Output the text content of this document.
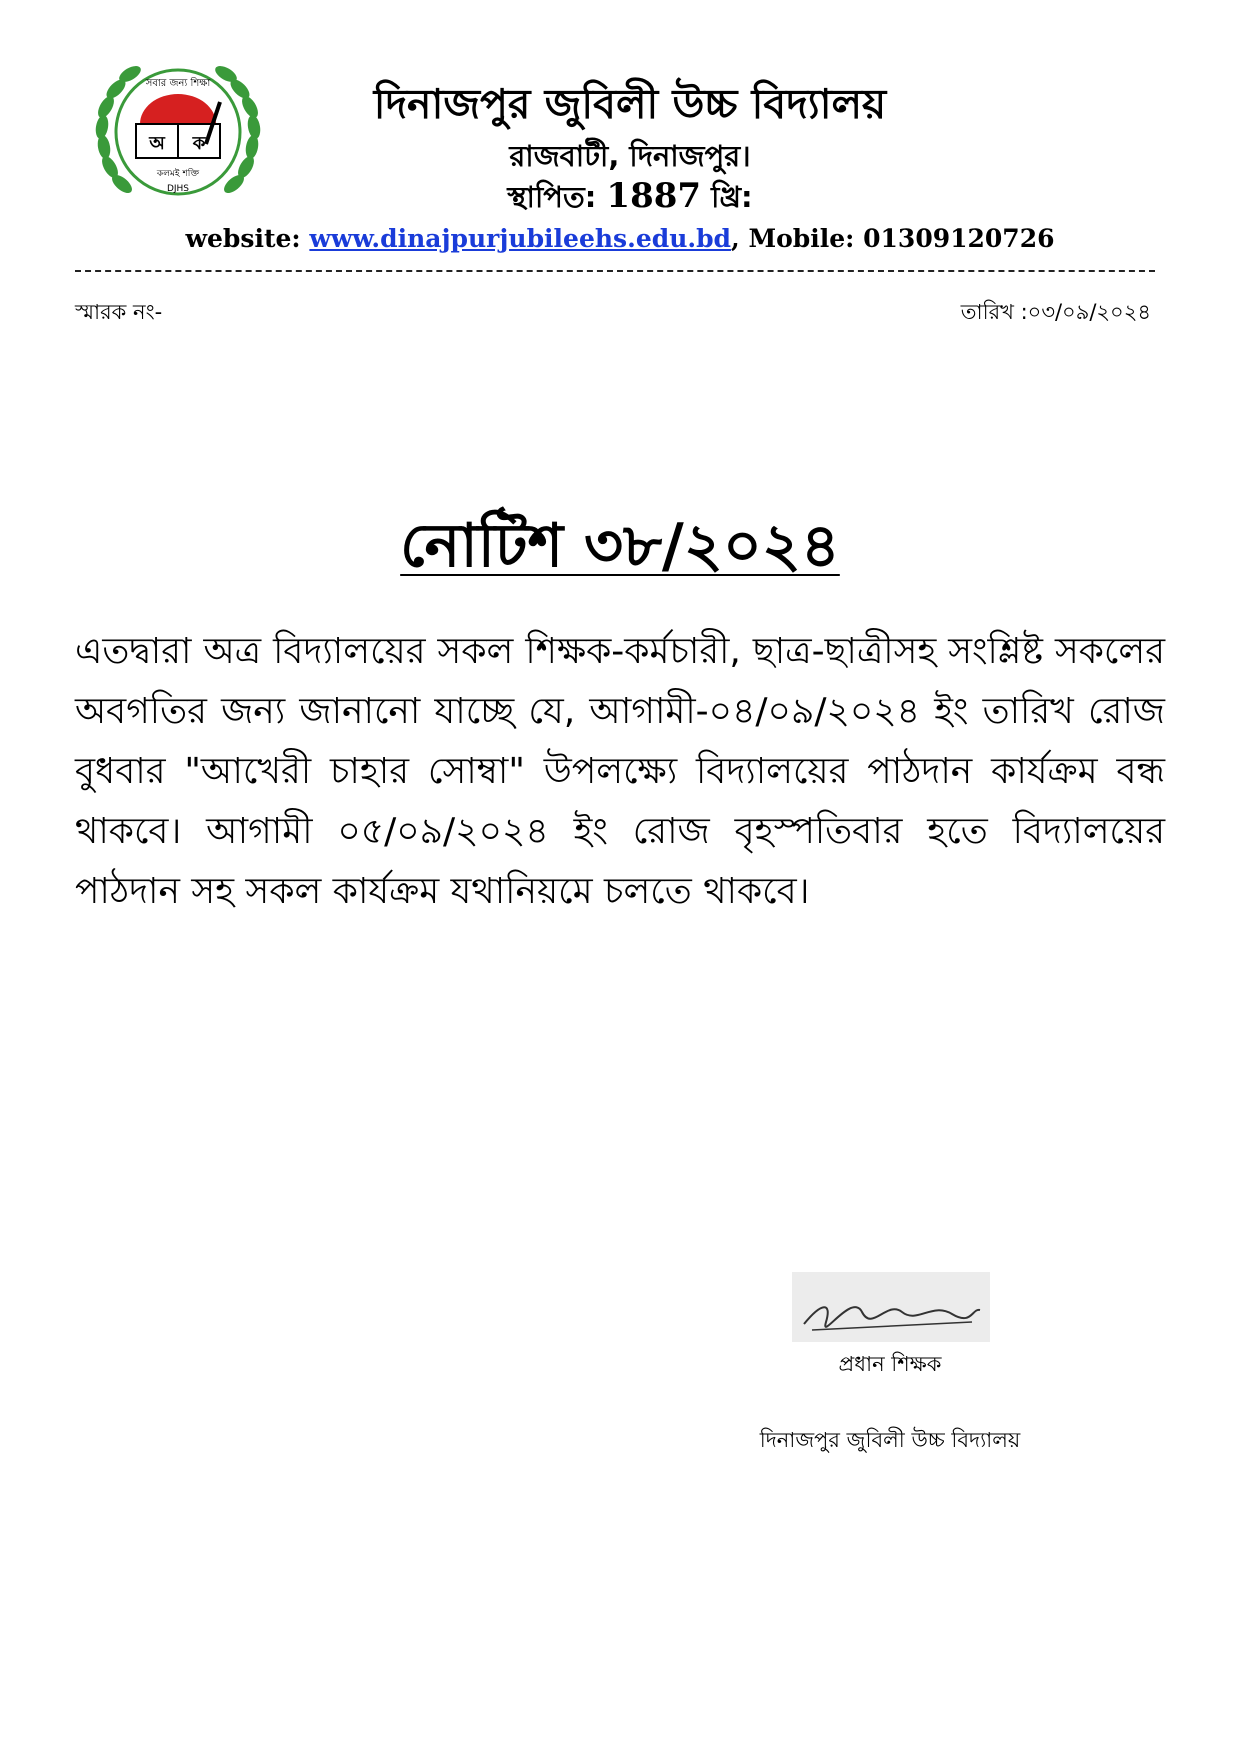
সবার জন্য শিক্ষা
অ ক
কলমই শক্তি
DJHS
দিনাজপুর জুবিলী উচ্চ বিদ্যালয়
রাজবাটী, দিনাজপুর।
স্থাপিত: 1887 খ্রি:
website: www.dinajpurjubileehs.edu.bd, Mobile: 01309120726
স্মারক নং-	তারিখ :০৩/০৯/২০২৪
নোটিশ ৩৮/২০২৪
এতদ্বারা অত্র বিদ্যালয়ের সকল শিক্ষক-কর্মচারী, ছাত্র-ছাত্রীসহ সংশ্লিষ্ট সকলের অবগতির জন্য জানানো যাচ্ছে যে, আগামী-০৪/০৯/২০২৪ ইং তারিখ রোজ বুধবার "আখেরী চাহার সোম্বা" উপলক্ষ্যে বিদ্যালয়ের পাঠদান কার্যক্রম বন্ধ থাকবে। আগামী ০৫/০৯/২০২৪ ইং রোজ বৃহস্পতিবার হতে বিদ্যালয়ের পাঠদান সহ সকল কার্যক্রম যথানিয়মে চলতে থাকবে।
প্রধান শিক্ষক
দিনাজপুর জুবিলী উচ্চ বিদ্যালয়
